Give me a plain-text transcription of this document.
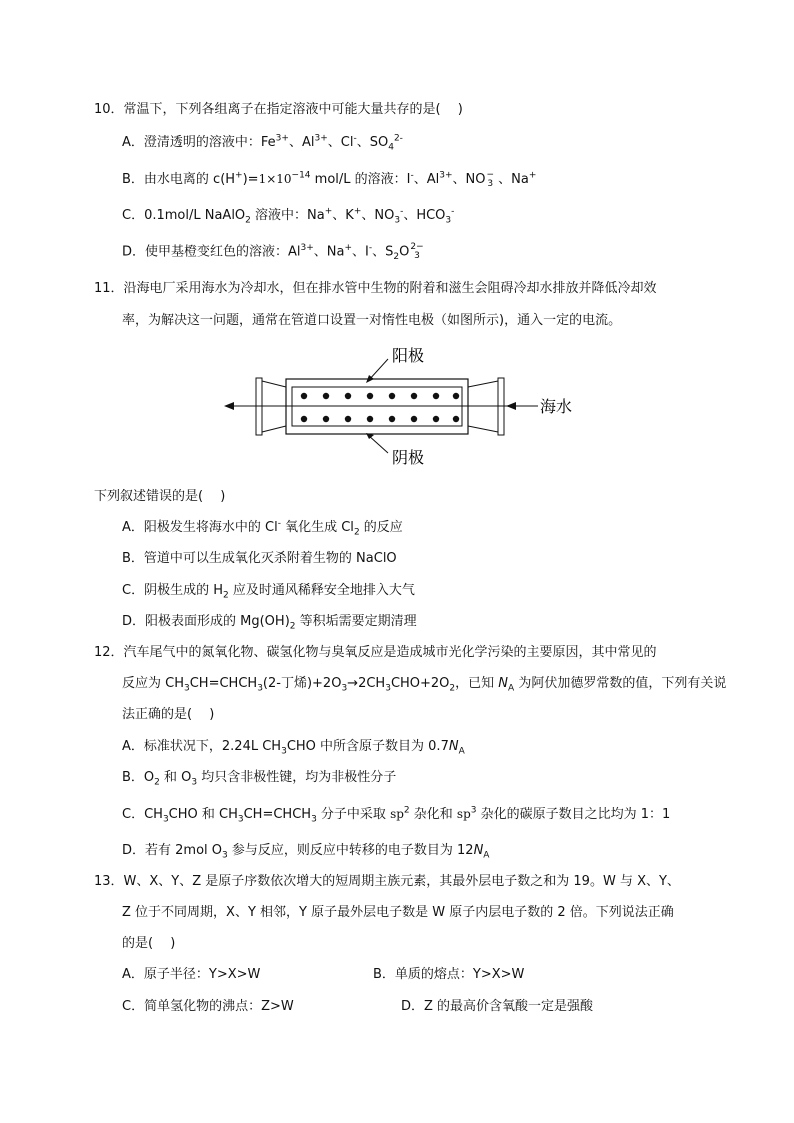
10．常温下，下列各组离子在指定溶液中可能大量共存的是(　 )
A．澄清透明的溶液中：$Fe^{3+}$、$Al^{3+}$、Cl-、$SO_4^{2-}$
B．由水电离的 $c(H^+)=1\times 10^{-14}$ mol/L 的溶液：I-、$Al^{3+}$、NO −
3 、Na+
C．0.1mol/L NaAlO$_2$ 溶液中：Na+、K+、$NO_3^-$、$HCO_3^-$
D．使甲基橙变红色的溶液：$Al^{3+}$、Na+、I-、$S_2O$ 2−
3
11．沿海电厂采用海水为冷却水，但在排水管中生物的附着和滋生会阻碍冷却水排放并降低冷却效
率，为解决这一问题，通常在管道口设置一对惰性电极（如图所示)，通入一定的电流。
阳极
阴极
海水
下列叙述错误的是(　 )
A．阳极发生将海水中的 Cl- 氧化生成 $Cl_2$ 的反应
B．管道中可以生成氧化灭杀附着生物的 NaClO
C．阴极生成的 $H_2$ 应及时通风稀释安全地排入大气
D．阳极表面形成的 $Mg(OH)_2$ 等积垢需要定期清理
12．汽车尾气中的氮氧化物、碳氢化物与臭氧反应是造成城市光化学污染的主要原因，其中常见的
反应为 $CH_3CH=CHCH_3(2-$丁烯)$+2O_3\to 2CH_3CHO+2O_2$，已知 $N_A$ 为阿伏加德罗常数的值，下列有关说
法正确的是(　 )
A．标准状况下，2.24L $CH_3CHO$ 中所含原子数目为 $0.7N_A$
B．$O_2$ 和 $O_3$ 均只含非极性键，均为非极性分子
C．$CH_3CHO$ 和 $CH_3CH=CHCH_3$ 分子中采取 $sp^2$ 杂化和 $sp^3$ 杂化的碳原子数目之比均为 1：1
D．若有 2mol $O_3$ 参与反应，则反应中转移的电子数目为 $12N_A$
13．W、X、Y、Z 是原子序数依次增大的短周期主族元素，其最外层电子数之和为 19。W 与 X、Y、
Z 位于不同周期，X、Y 相邻，Y 原子最外层电子数是 W 原子内层电子数的 2 倍。下列说法正确
的是(　 )
A．原子半径：Y>X>W	B．单质的熔点：Y>X>W
C．简单氢化物的沸点：Z>W	D．Z 的最高价含氧酸一定是强酸
